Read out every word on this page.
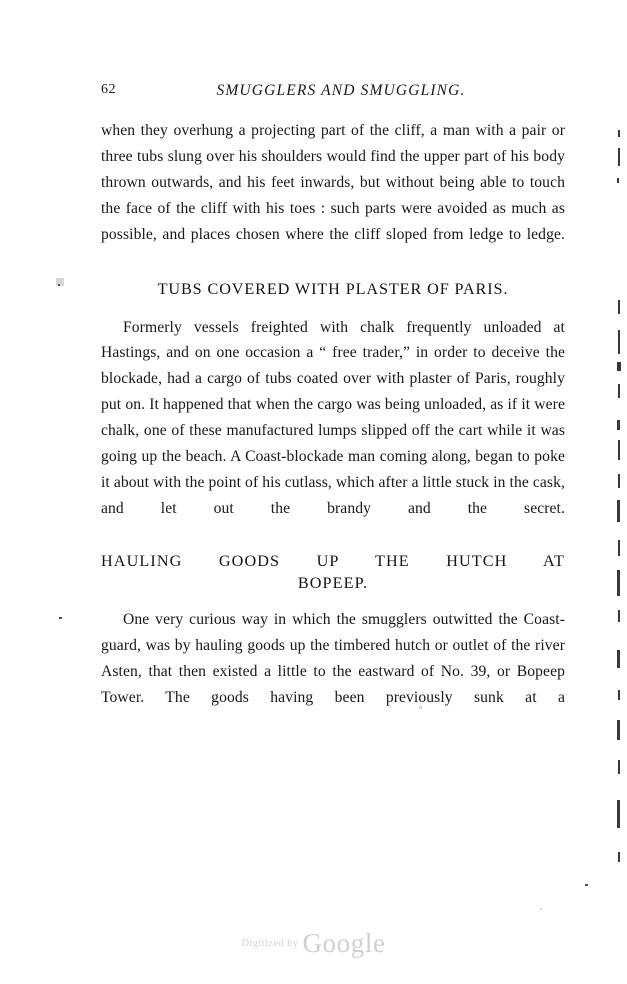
62	SMUGGLERS AND SMUGGLING.

when they overhung a projecting part of the cliff, a man with a pair or three tubs slung over his shoulders would find the upper part of his body thrown outwards, and his feet inwards, but without being able to touch the face of the cliff with his toes : such parts were avoided as much as possible, and places chosen where the cliff sloped from ledge to ledge.

TUBS COVERED WITH PLASTER OF PARIS.

Formerly vessels freighted with chalk frequently unloaded at Hastings, and on one occasion a “ free trader,” in order to deceive the blockade, had a cargo of tubs coated over with plaster of Paris, roughly put on. It happened that when the cargo was being unloaded, as if it were chalk, one of these manufactured lumps slipped off the cart while it was going up the beach. A Coast-blockade man coming along, began to poke it about with the point of his cutlass, which after a little stuck in the cask, and let out the brandy and the secret.

HAULING GOODS UP THE HUTCH AT
BOPEEP.

One very curious way in which the smugglers outwitted the Coast-guard, was by hauling goods up the timbered hutch or outlet of the river Asten, that then existed a little to the eastward of No. 39, or Bopeep Tower. The goods having been previously sunk at a

$^{Digitized by}$ Google
